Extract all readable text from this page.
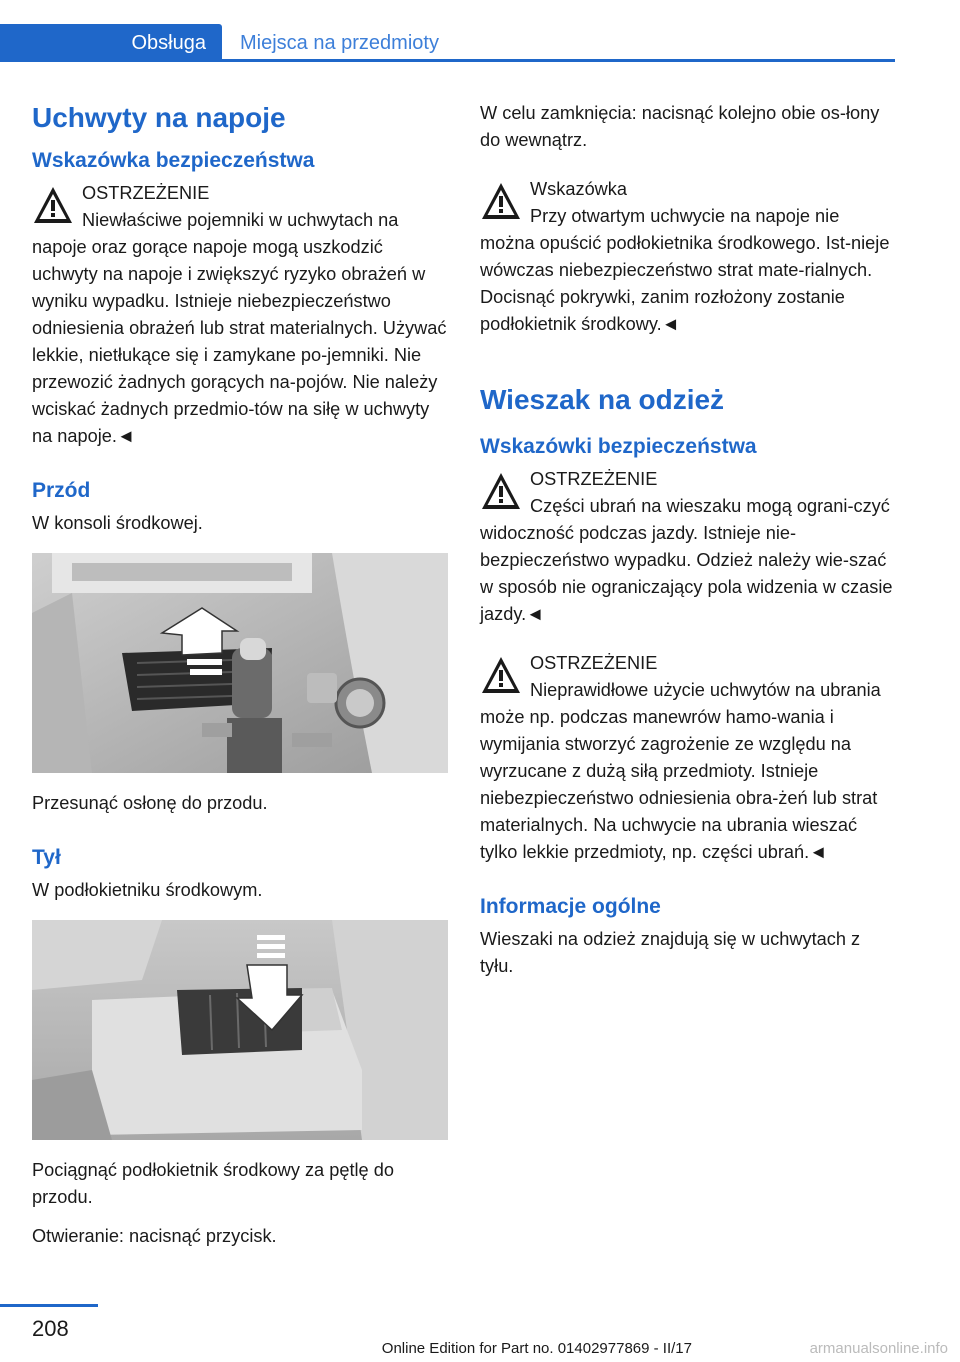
Obsługa	Miejsca na przedmioty
Uchwyty na napoje
Wskazówka bezpieczeństwa
OSTRZEŻENIE
Niewłaściwe pojemniki w uchwytach na napoje oraz gorące napoje mogą uszkodzić uchwyty na napoje i zwiększyć ryzyko obrażeń w wyniku wypadku. Istnieje niebezpieczeństwo odniesienia obrażeń lub strat materialnych. Używać lekkie, nietłukące się i zamykane po-jemniki. Nie przewozić żadnych gorących na-pojów. Nie należy wciskać żadnych przedmio-tów na siłę w uchwyty na napoje.◄
Przód

W konsoli środkowej.

Przesunąć osłonę do przodu.

Tył

W podłokietniku środkowym.

Pociągnąć podłokietnik środkowy za pętlę do przodu.

Otwieranie: nacisnąć przycisk.

W celu zamknięcia: nacisnąć kolejno obie os-łony do wewnątrz.

Wskazówka
Przy otwartym uchwycie na napoje nie można opuścić podłokietnika środkowego. Ist-nieje wówczas niebezpieczeństwo strat mate-rialnych. Docisnąć pokrywki, zanim rozłożony zostanie podłokietnik środkowy.◄
Wieszak na odzież
Wskazówki bezpieczeństwa
OSTRZEŻENIE
Części ubrań na wieszaku mogą ograni-czyć widoczność podczas jazdy. Istnieje nie-bezpieczeństwo wypadku. Odzież należy wie-szać w sposób nie ograniczający pola widzenia w czasie jazdy.◄
OSTRZEŻENIE
Nieprawidłowe użycie uchwytów na ubrania może np. podczas manewrów hamo-wania i wymijania stworzyć zagrożenie ze względu na wyrzucane z dużą siłą przedmioty. Istnieje niebezpieczeństwo odniesienia obra-żeń lub strat materialnych. Na uchwycie na ubrania wieszać tylko lekkie przedmioty, np. części ubrań.◄
Informacje ogólne

Wieszaki na odzież znajdują się w uchwytach z tyłu.

208
Online Edition for Part no. 01402977869 - II/17	armanualsonline.info
